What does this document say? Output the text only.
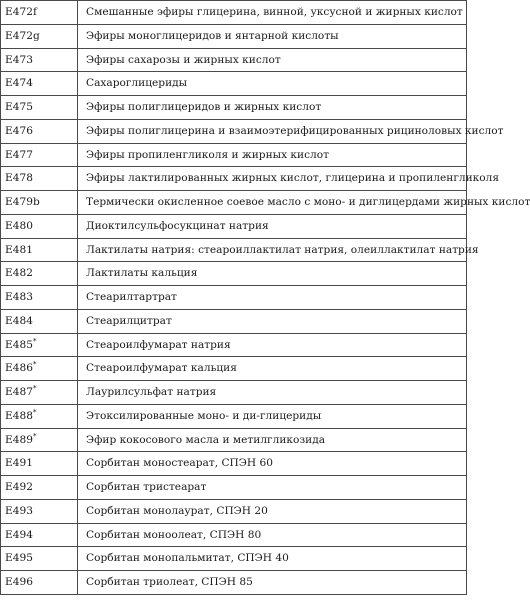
E472f	Смешанные эфиры глицерина, винной, уксусной и жирных кислот
E472g	Эфиры моноглицеридов и янтарной кислоты
E473	Эфиры сахарозы и жирных кислот
E474	Сахароглицериды
E475	Эфиры полиглицеридов и жирных кислот
E476	Эфиры полиглицерина и взаимоэтерифицированных рициноловых кислот
E477	Эфиры пропиленгликоля и жирных кислот
E478	Эфиры лактилированных жирных кислот, глицерина и пропиленгликоля
E479b	Термически окисленное соевое масло с моно- и диглицердами жирных кислот
E480	Диоктилсульфосукцинат натрия
E481	Лактилаты натрия: стеароиллактилат натрия, олеиллактилат натрия
E482	Лактилаты кальция
E483	Стеарилтартрат
E484	Стеарилцитрат
E485*	Стеароилфумарат натрия
E486*	Стеароилфумарат кальция
E487*	Лаурилсульфат натрия
E488*	Этоксилированные моно- и ди-глицериды
E489*	Эфир кокосового масла и метилгликозида
E491	Сорбитан моностеарат, СПЭН 60
E492	Сорбитан тристеарат
E493	Сорбитан монолаурат, СПЭН 20
E494	Сорбитан моноолеат, СПЭН 80
E495	Сорбитан монопальмитат, СПЭН 40
E496	Сорбитан триолеат, СПЭН 85
